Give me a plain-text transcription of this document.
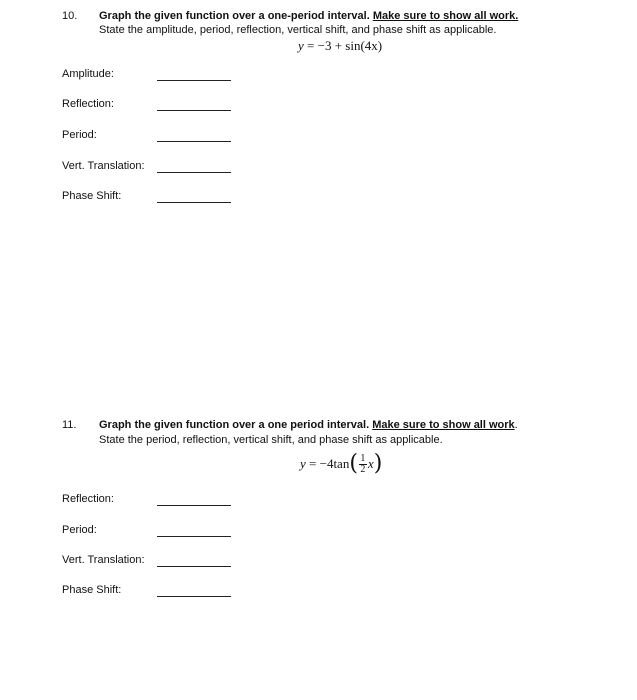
10. Graph the given function over a one-period interval. Make sure to show all work.
State the amplitude, period, reflection, vertical shift, and phase shift as applicable.
y = −3 + sin(4x)
Amplitude:
Reflection:
Period:
Vert. Translation:
Phase Shift:
11. Graph the given function over a one period interval. Make sure to show all work.
State the period, reflection, vertical shift, and phase shift as applicable.
y
= −4tan ( $\frac{1}{2}$ x )
Reflection:
Period:
Vert. Translation:
Phase Shift:
